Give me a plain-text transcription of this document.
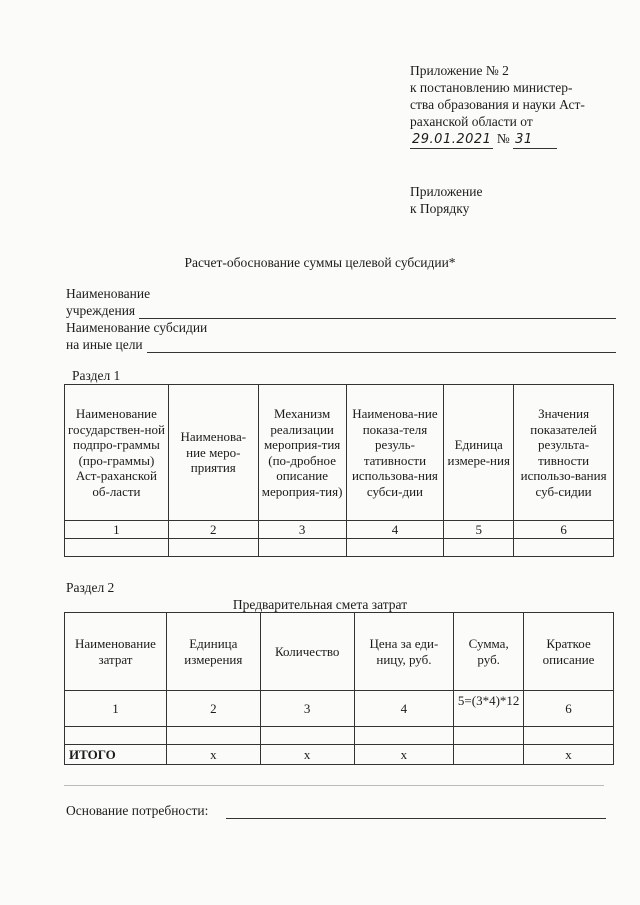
Приложение № 2
к постановлению министер-
ства образования и науки Аст-
раханской области от
29.01.2021 № 31
Приложение
к Порядку
Расчет-обоснование суммы целевой субсидии*
Наименование
учреждения
Наименование субсидии
на иные цели
Раздел 1
Наименование государствен-ной подпро-граммы (про-граммы) Аст-раханской об-ласти	Наименова-ние меро-приятия	Механизм реализации мероприя-тия (по-дробное описание мероприя-тия)	Наименова-ние показа-теля резуль-тативности использова-ния субси-дии	Единица измере-ния	Значения показателей результа-тивности использо-вания суб-сидии
1	2	3	4	5	6

Раздел 2
Предварительная смета затрат
Наименование затрат	Единица измерения	Количество	Цена за еди-ницу, руб.	Сумма, руб.	Краткое описание
1	2	3	4	5=(3*4)*12	6

ИТОГО	x	x	x		x
Основание потребности:
